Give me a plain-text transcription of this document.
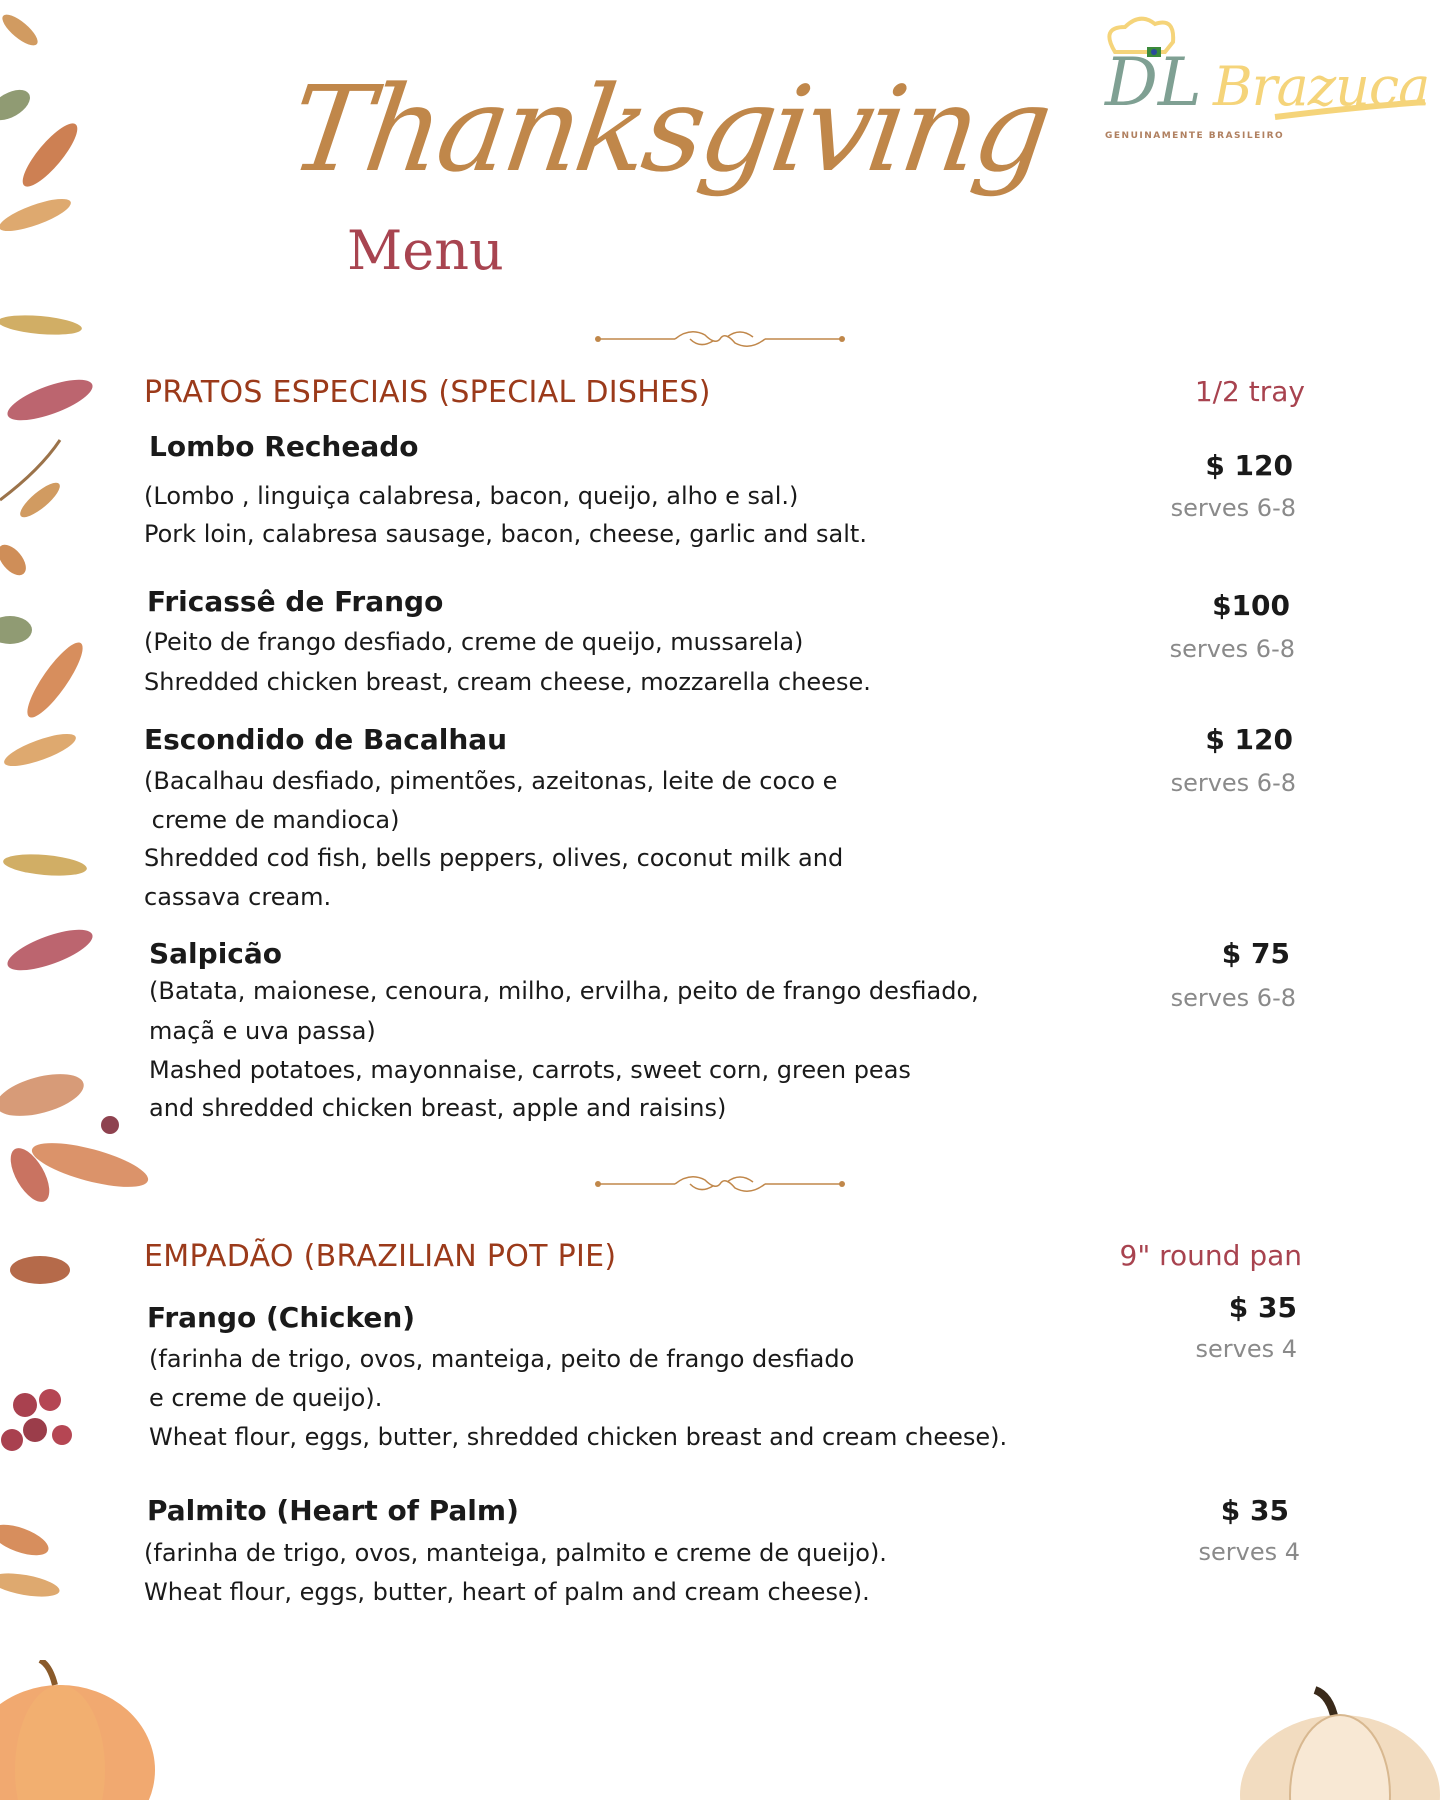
DL Brazuca
GENUINAMENTE BRASILEIRO
Thanksgiving
Menu
PRATOS ESPECIAIS (SPECIAL DISHES)	1/2 tray
Lombo Recheado
(Lombo , linguiça calabresa, bacon, queijo, alho e sal.)
Pork loin, calabresa sausage, bacon, cheese, garlic and salt.
$ 120
serves 6-8
Fricassê de Frango
(Peito de frango desfiado, creme de queijo, mussarela)
Shredded chicken breast, cream cheese, mozzarella cheese.
$100
serves 6-8
Escondido de Bacalhau
(Bacalhau desfiado, pimentões, azeitonas, leite de coco e
creme de mandioca)
Shredded cod fish, bells peppers, olives, coconut milk and
cassava cream.
$ 120
serves 6-8
Salpicão
(Batata, maionese, cenoura, milho, ervilha, peito de frango desfiado,
maçã e uva passa)
Mashed potatoes, mayonnaise, carrots, sweet corn, green peas
and shredded chicken breast, apple and raisins)
$ 75
serves 6-8
EMPADÃO (BRAZILIAN POT PIE)	9" round pan
Frango (Chicken)
(farinha de trigo, ovos, manteiga, peito de frango desfiado
e creme de queijo).
Wheat flour, eggs, butter, shredded chicken breast and cream cheese).
$ 35
serves 4
Palmito (Heart of Palm)
(farinha de trigo, ovos, manteiga, palmito e creme de queijo).
Wheat flour, eggs, butter, heart of palm and cream cheese).
$ 35
serves 4
